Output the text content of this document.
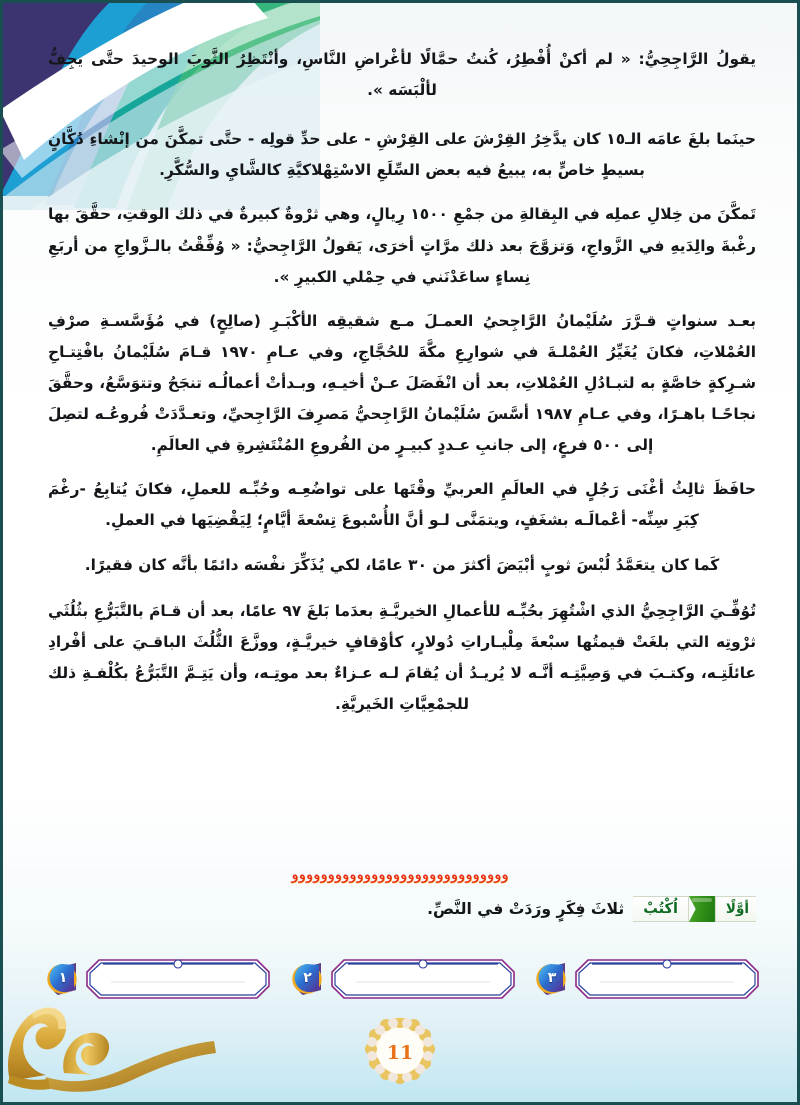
يقولُ الرَّاجِحِيُّ: « لم أكنْ أُفْطِرُ، كُنتُ حمَّالًا لأغْراضِ النَّاسِ، وأنْتَظِرُ الثَّوبَ الوحيدَ حتَّى يجِفُّ لألْبَسَه ».

حينَما بلغَ عامَه الـ١٥ كان يدَّخِرُ القِرْشَ على القِرْشِ - على حدِّ قولِه - حتَّى تمكَّنَ من إنْشاءِ دُكَّانٍ بسيطٍ خاصٍّ به، يبيعُ فيه بعض السِّلَعِ الاسْتِهْلاكيَّةِ كالشَّايِ والسُّكَّرِ.

تَمكَّنَ من خِلالِ عملِه في البِقالةِ من جمْعِ ١٥٠٠ رِيالٍ، وهي ثرْوةٌ كبيرةٌ في ذلك الوقتِ، حقَّقَ بها رغْبةَ والِدَيهِ في الزَّواجِ، وَتزوَّجَ بعد ذلك مرَّاتٍ أخرَى، يَقولُ الرَّاجِحيُّ: « وُفِّقْتُ بالـزَّواجِ من أربَعِ نِساءٍ ساعَدْنَني في حِمْلي الكبيرِ ».

بعـد سنواتٍ قـرَّرَ سُلَيْمانُ الرَّاجِحيُ العمـلَ مـع شقيقِه الأكْبَـرِ (صالِحٍ) في مُؤَسَّسـةِ صرْفِ العُمْلاتِ، فكانَ يُغَيِّرُ العُمْلـةَ في شوارِعِ مكَّةَ للحُجَّاجِ، وفي عـامِ ١٩٧٠ قـامَ سُلَيْمانُ بافْتِتـاحِ شـرِكةٍ خاصَّةٍ به لتبـادُلِ العُمْلاتِ، بعد أن انْفَصَلَ عـنْ أخيـهِ، وبـدأتْ أعمالُـه تنجَحُ وتتوَسَّعُ، وحقَّقَ نجاحًـا باهـرًا، وفي عـامِ ١٩٨٧ أسَّسَ سُلَيْمانُ الرَّاجِحيُّ مَصرِفَ الرَّاجِحيِّ، وتعـدَّدَتْ فُروعُـه لتصِلَ إلى ٥٠٠ فرعٍ، إلى جانبِ عـددٍ كبيـرٍ من الفُروعِ المُنْتَشِرةِ في العالَمِ.

حافَظَ ثالِثُ أغْنَى رَجُلٍ في العالَمِ العربيِّ وقْتَها على تواضُعِـه وحُبِّـه للعملِ، فكانَ يُتابِعُ -رغْمَ كِبَرِ سِنِّه- أعْمالَـه بشغَفٍ، ويتمَنَّى لـو أنَّ الأُسْبوعَ تِسْعةَ أيَّامٍ؛ لِيَقْضِيَها في العملِ.

كَما كان يتعَمَّدُ لُبْسَ ثوبٍ أبْيَضَ أكثرَ من ٣٠ عامًا، لكي يُذَكِّرَ نفْسَه دائمًا بأنَّه كان فقيرًا.

تُوُفِّـيَ الرَّاجِحِيُّ الذي اشْتُهِرَ بحُبِّـه للأعمالِ الخيريَّـةِ بعدَما بَلغَ ٩٧ عامًا، بعد أن قـامَ بالتَّبَرُّعِ بثُلُثَي ثرْوتِه التي بلغَتْ قيمتُها سبْعةَ مِلْيـاراتِ دُولارٍ، كأوْقافٍ خيريَّـةٍ، ووزَّعَ الثُّلُثَ الباقـيَ على أفْرادِ عائلَتِـه، وكتـبَ في وَصِيَّتِـه أنَّـه لا يُريـدُ أن يُقامَ لـه عـزاءٌ بعد موتِـه، وأن يَتِـمَّ التَّبَرُّعُ بكُلْفـةِ ذلك للجمْعِيَّاتِ الخَيريَّةِ.

وووووووووووووووووووووووووووووو
أوَّلًا
اُكْتُبْ
ثلاثَ فِكَرٍ ورَدَتْ في النَّصِّ.
٣
٢
١
11
